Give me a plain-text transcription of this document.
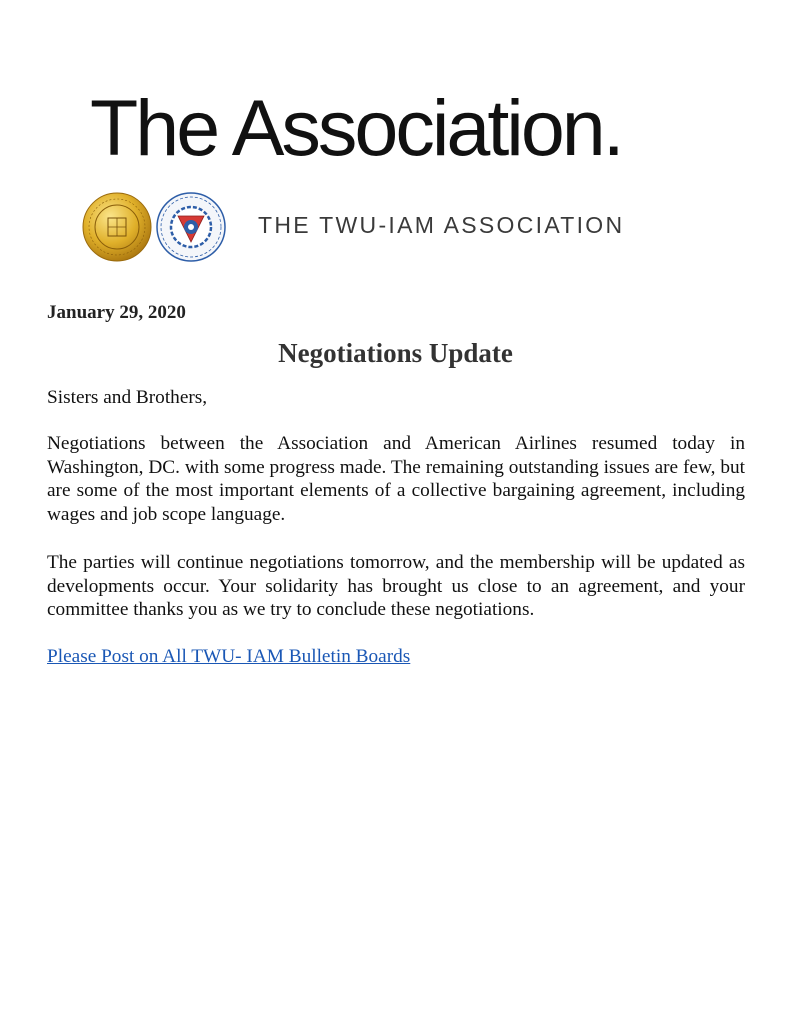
The Association.
THE TWU-IAM ASSOCIATION
January 29, 2020
Negotiations Update
Sisters and Brothers,
Negotiations between the Association and American Airlines resumed today in Washington, DC. with some progress made. The remaining outstanding issues are few, but are some of the most important elements of a collective bargaining agreement, including wages and job scope language.
The parties will continue negotiations tomorrow, and the membership will be updated as developments occur. Your solidarity has brought us close to an agreement, and your committee thanks you as we try to conclude these negotiations.
Please Post on All TWU- IAM Bulletin Boards
